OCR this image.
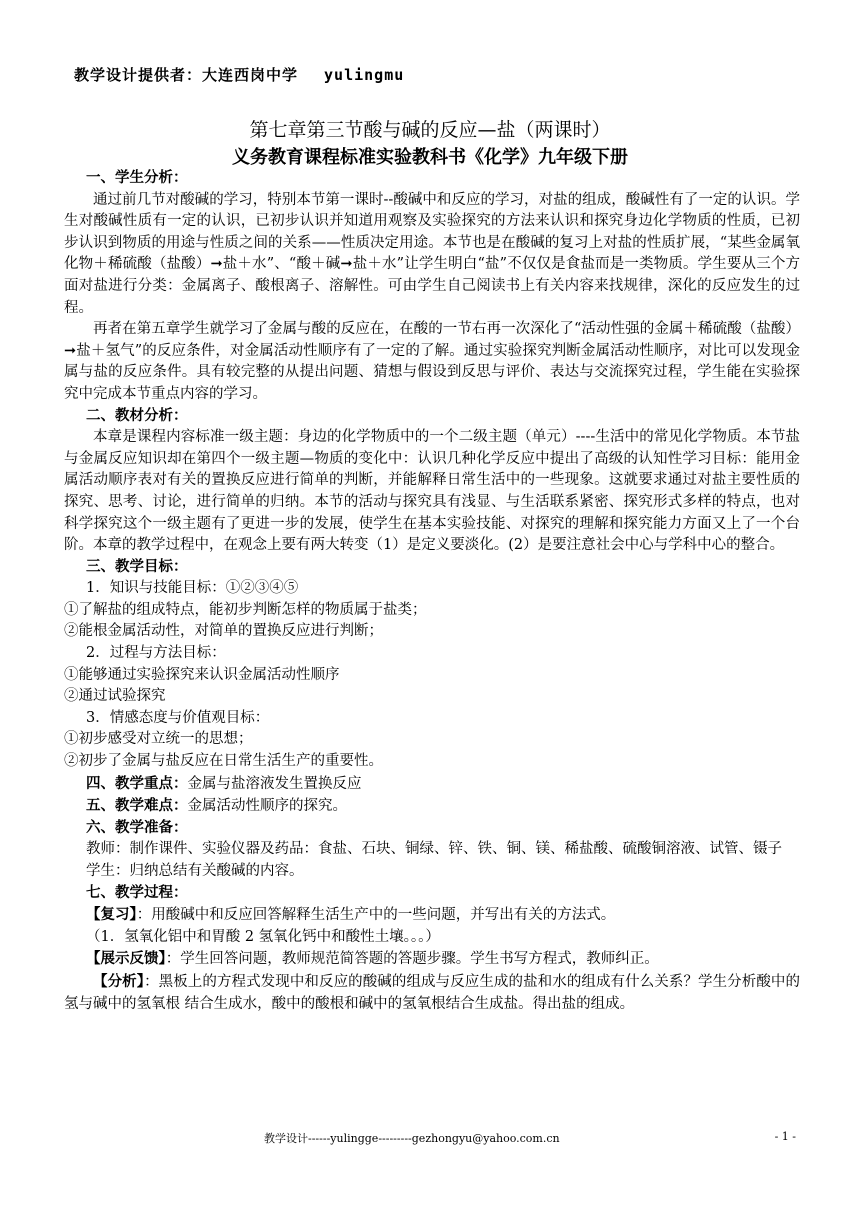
教学设计提供者：大连西岗中学 yulingmu
第七章第三节酸与碱的反应—盐（两课时）
义务教育课程标准实验教科书《化学》九年级下册

一、学生分析：

通过前几节对酸碱的学习，特别本节第一课时--酸碱中和反应的学习，对盐的组成，酸碱性有了一定的认识。学生对酸碱性质有一定的认识，已初步认识并知道用观察及实验探究的方法来认识和探究身边化学物质的性质，已初步认识到物质的用途与性质之间的关系——性质决定用途。本节也是在酸碱的复习上对盐的性质扩展，“某些金属氧化物＋稀硫酸（盐酸）➞盐＋水”、“酸＋碱➞盐＋水”让学生明白“盐”不仅仅是食盐而是一类物质。学生要从三个方面对盐进行分类：金属离子、酸根离子、溶解性。可由学生自己阅读书上有关内容来找规律，深化的反应发生的过程。

再者在第五章学生就学习了金属与酸的反应在，在酸的一节右再一次深化了“活动性强的金属＋稀硫酸（盐酸）➞盐＋氢气”的反应条件，对金属活动性顺序有了一定的了解。通过实验探究判断金属活动性顺序，对比可以发现金属与盐的反应条件。具有较完整的从提出问题、猜想与假设到反思与评价、表达与交流探究过程，学生能在实验探究中完成本节重点内容的学习。

二、教材分析：

本章是课程内容标准一级主题：身边的化学物质中的一个二级主题（单元）----生活中的常见化学物质。本节盐与金属反应知识却在第四个一级主题—物质的变化中：认识几种化学反应中提出了高级的认知性学习目标：能用金属活动顺序表对有关的置换反应进行简单的判断，并能解释日常生活中的一些现象。这就要求通过对盐主要性质的探究、思考、讨论，进行简单的归纳。本节的活动与探究具有浅显、与生活联系紧密、探究形式多样的特点，也对科学探究这个一级主题有了更进一步的发展，使学生在基本实验技能、对探究的理解和探究能力方面又上了一个台阶。本章的教学过程中，在观念上要有两大转变（1）是定义要淡化。(2）是要注意社会中心与学科中心的整合。

三、教学目标：

1．知识与技能目标：①②③④⑤

①了解盐的组成特点，能初步判断怎样的物质属于盐类；

②能根金属活动性，对简单的置换反应进行判断；

2．过程与方法目标：

①能够通过实验探究来认识金属活动性顺序

②通过试验探究

3．情感态度与价值观目标：

①初步感受对立统一的思想；

②初步了金属与盐反应在日常生活生产的重要性。

四、教学重点：金属与盐溶液发生置换反应

五、教学难点：金属活动性顺序的探究。

六、教学准备：

教师：制作课件、实验仪器及药品：食盐、石块、铜绿、锌、铁、铜、镁、稀盐酸、硫酸铜溶液、试管、镊子

学生：归纳总结有关酸碱的内容。

七、教学过程：

【复习】：用酸碱中和反应回答解释生活生产中的一些问题，并写出有关的方法式。

（1．氢氧化铝中和胃酸 2 氢氧化钙中和酸性土壤。。。）

【展示反馈】：学生回答问题，教师规范简答题的答题步骤。学生书写方程式，教师纠正。

【分析】：黑板上的方程式发现中和反应的酸碱的组成与反应生成的盐和水的组成有什么关系？学生分析酸中的氢与碱中的氢氧根 结合生成水，酸中的酸根和碱中的氢氧根结合生成盐。得出盐的组成。

教学设计------yulingge---------gezhongyu@yahoo.com.cn	- 1 -
